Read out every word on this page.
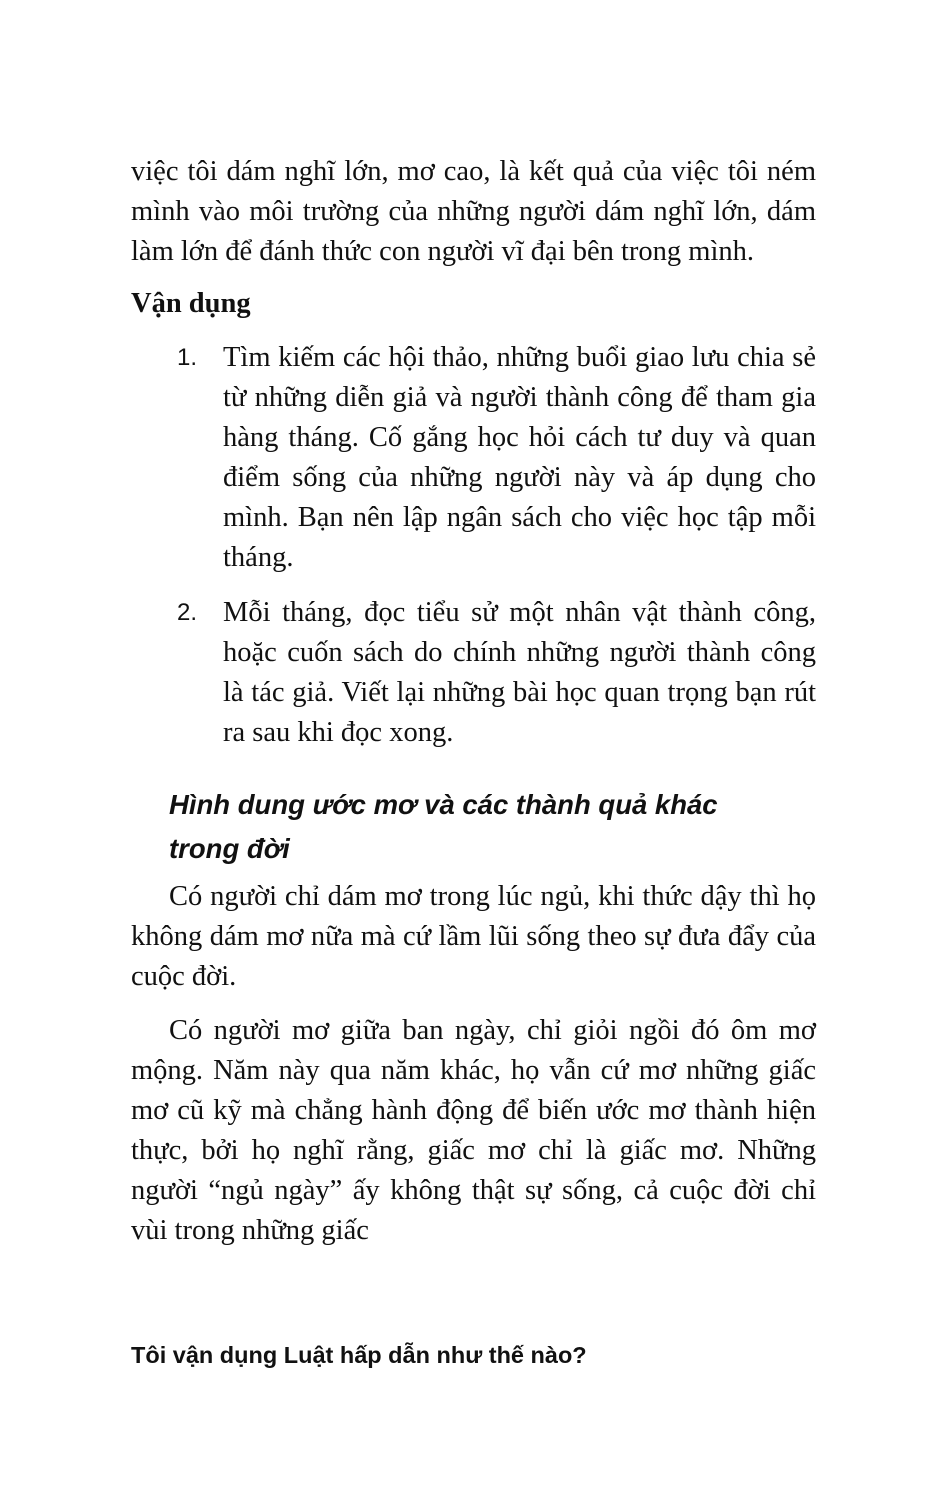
việc tôi dám nghĩ lớn, mơ cao, là kết quả của việc tôi ném mình vào môi trường của những người dám nghĩ lớn, dám làm lớn để đánh thức con người vĩ đại bên trong mình.

Vận dụng
1. Tìm kiếm các hội thảo, những buổi giao lưu chia sẻ từ những diễn giả và người thành công để tham gia hàng tháng. Cố gắng học hỏi cách tư duy và quan điểm sống của những người này và áp dụng cho mình. Bạn nên lập ngân sách cho việc học tập mỗi tháng.
2. Mỗi tháng, đọc tiểu sử một nhân vật thành công, hoặc cuốn sách do chính những người thành công là tác giả. Viết lại những bài học quan trọng bạn rút ra sau khi đọc xong.
Hình dung ước mơ và các thành quả khác trong đời

Có người chỉ dám mơ trong lúc ngủ, khi thức dậy thì họ không dám mơ nữa mà cứ lầm lũi sống theo sự đưa đẩy của cuộc đời.

Có người mơ giữa ban ngày, chỉ giỏi ngồi đó ôm mơ mộng. Năm này qua năm khác, họ vẫn cứ mơ những giấc mơ cũ kỹ mà chẳng hành động để biến ước mơ thành hiện thực, bởi họ nghĩ rằng, giấc mơ chỉ là giấc mơ. Những người “ngủ ngày” ấy không thật sự sống, cả cuộc đời chỉ vùi trong những giấc

Tôi vận dụng Luật hấp dẫn như thế nào?
